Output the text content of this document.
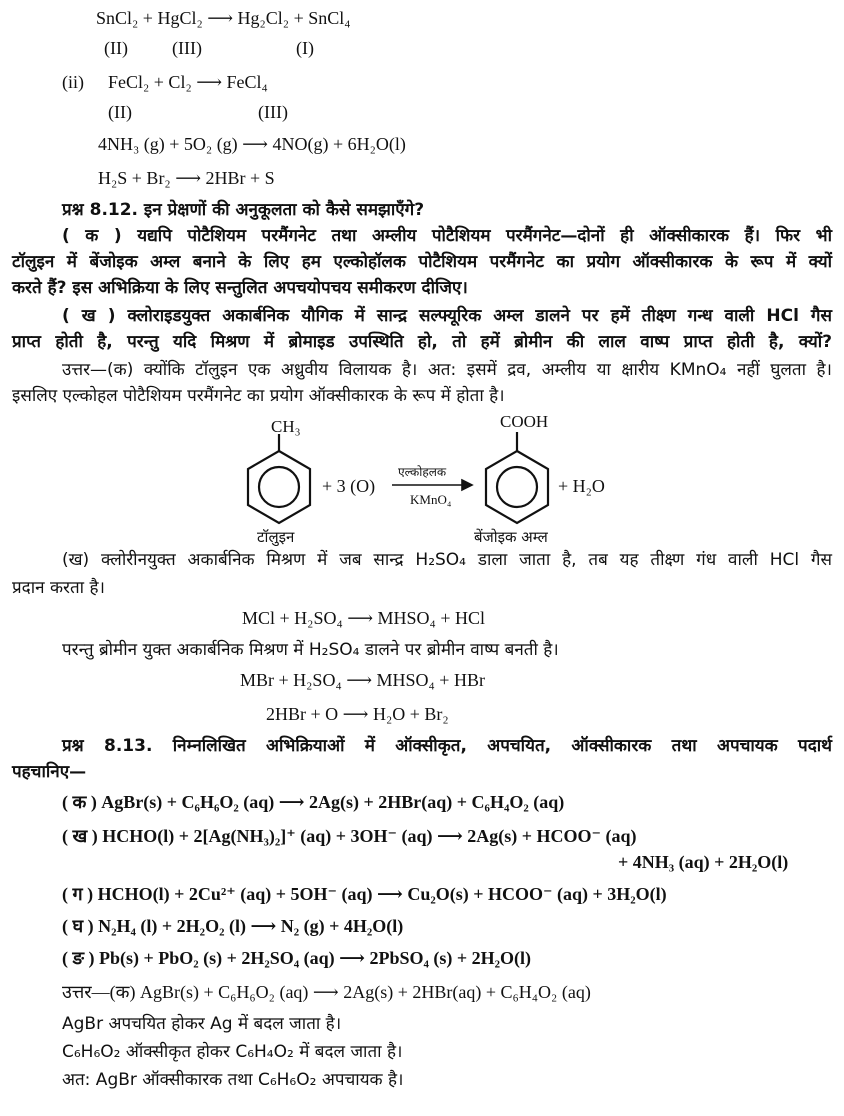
SnCl₂ + HgCl₂ ⟶ Hg₂Cl₂ + SnCl₄
(II) (III)	(I)
(ii) FeCl₂ + Cl₂ ⟶ FeCl₄
(II)	(III)
4NH₃ (g) + 5O₂ (g) ⟶ 4NO(g) + 6H₂O(l)
H₂S + Br₂ ⟶ 2HBr + S
प्रश्न 8.12. इन प्रेक्षणों की अनुकूलता को कैसे समझाएँगे?
( क ) यद्यपि पोटैशियम परमैंगनेट तथा अम्लीय पोटैशियम परमैंगनेट—दोनों ही ऑक्सीकारक हैं। फिर भी
टॉलुइन में बेंजोइक अम्ल बनाने के लिए हम एल्कोहॉलक पोटैशियम परमैंगनेट का प्रयोग ऑक्सीकारक के रूप में क्यों
करते हैं? इस अभिक्रिया के लिए सन्तुलित अपचयोपचय समीकरण दीजिए।
( ख ) क्लोराइडयुक्त अकार्बनिक यौगिक में सान्द्र सल्फ्यूरिक अम्ल डालने पर हमें तीक्ष्ण गन्ध वाली HCl गैस
प्राप्त होती है, परन्तु यदि मिश्रण में ब्रोमाइड उपस्थिति हो, तो हमें ब्रोमीन की लाल वाष्प प्राप्त होती है, क्यों?
उत्तर—(क) क्योंकि टॉलुइन एक अध्रुवीय विलायक है। अत: इसमें द्रव, अम्लीय या क्षारीय KMnO₄ नहीं घुलता है।
इसलिए एल्कोहल पोटैशियम परमैंगनेट का प्रयोग ऑक्सीकारक के रूप में होता है।
CH₃
टॉलुइन
+ 3 (O)
एल्कोहलक
KMnO₄
COOH
बेंजोइक अम्ल
+ H₂O
(ख) क्लोरीनयुक्त अकार्बनिक मिश्रण में जब सान्द्र H₂SO₄ डाला जाता है, तब यह तीक्ष्ण गंध वाली HCl गैस
प्रदान करता है।
MCl + H₂SO₄ ⟶ MHSO₄ + HCl
परन्तु ब्रोमीन युक्त अकार्बनिक मिश्रण में H₂SO₄ डालने पर ब्रोमीन वाष्प बनती है।
MBr + H₂SO₄ ⟶ MHSO₄ + HBr
2HBr + O ⟶ H₂O + Br₂
प्रश्न 8.13. निम्नलिखित अभिक्रियाओं में ऑक्सीकृत, अपचयित, ऑक्सीकारक तथा अपचायक पदार्थ
पहचानिए—
( क ) AgBr(s) + C₆H₆O₂ (aq) ⟶ 2Ag(s) + 2HBr(aq) + C₆H₄O₂ (aq)
( ख ) HCHO(l) + 2[Ag(NH₃)₂]⁺ (aq) + 3OH⁻ (aq) ⟶ 2Ag(s) + HCOO⁻ (aq)
+ 4NH₃ (aq) + 2H₂O(l)
( ग ) HCHO(l) + 2Cu²⁺ (aq) + 5OH⁻ (aq) ⟶ Cu₂O(s) + HCOO⁻ (aq) + 3H₂O(l)
( घ ) N₂H₄ (l) + 2H₂O₂ (l) ⟶ N₂ (g) + 4H₂O(l)
( ङ ) Pb(s) + PbO₂ (s) + 2H₂SO₄ (aq) ⟶ 2PbSO₄ (s) + 2H₂O(l)
उत्तर—(क) AgBr(s) + C₆H₆O₂ (aq) ⟶ 2Ag(s) + 2HBr(aq) + C₆H₄O₂ (aq)
AgBr अपचयित होकर Ag में बदल जाता है।
C₆H₆O₂ ऑक्सीकृत होकर C₆H₄O₂ में बदल जाता है।
अत: AgBr ऑक्सीकारक तथा C₆H₆O₂ अपचायक है।
